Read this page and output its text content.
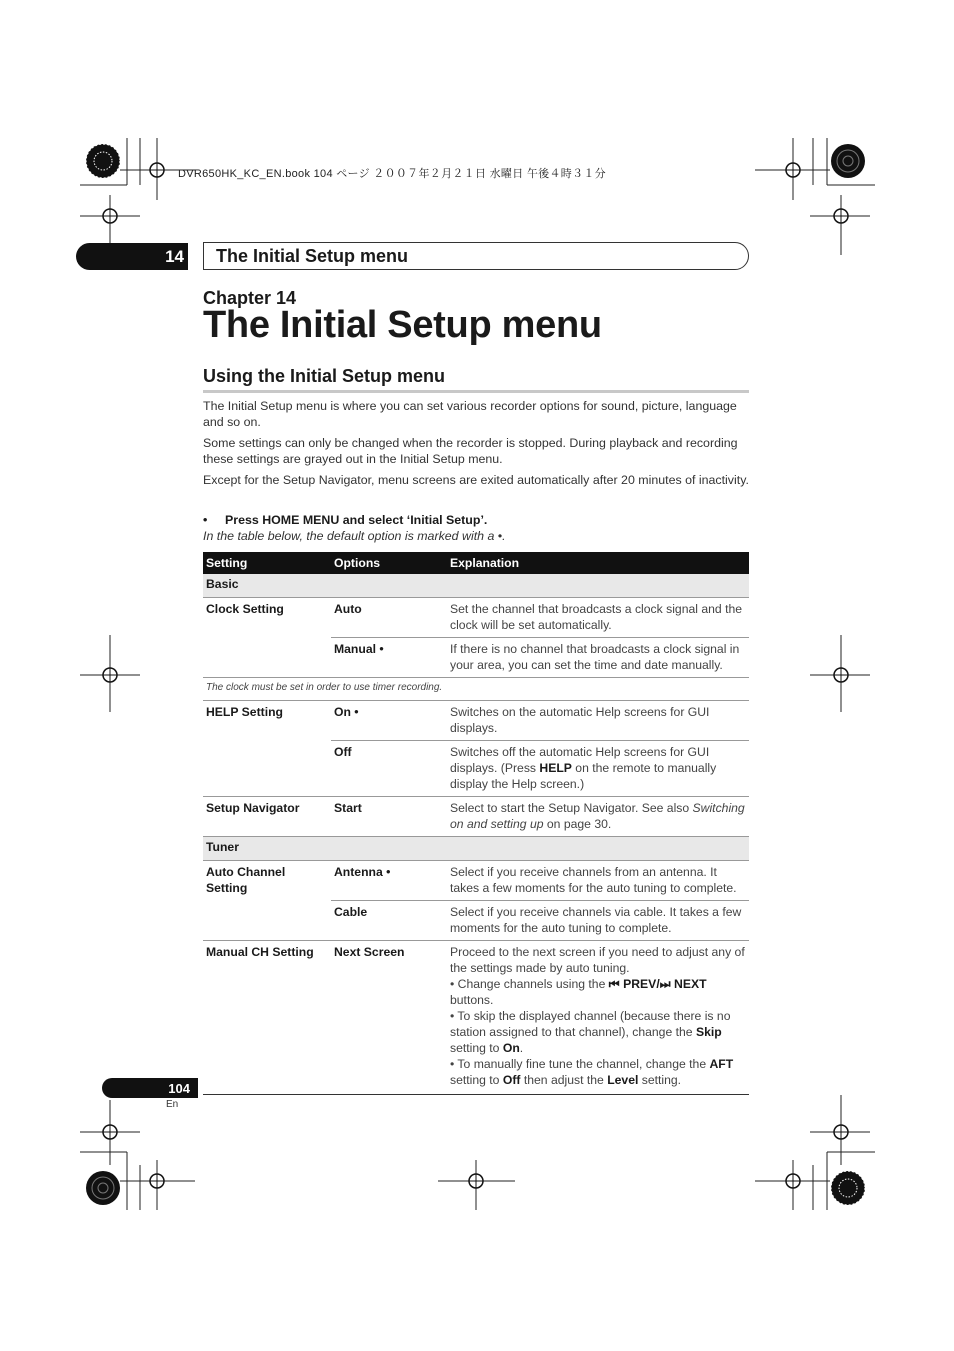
DVR650HK_KC_EN.book 104 ページ ２００７年２月２１日 水曜日 午後４時３１分
14	The Initial Setup menu
Chapter 14
The Initial Setup menu
Using the Initial Setup menu
The Initial Setup menu is where you can set various recorder options for sound, picture, language and so on.
Some settings can only be changed when the recorder is stopped. During playback and recording these settings are grayed out in the Initial Setup menu.
Except for the Setup Navigator, menu screens are exited automatically after 20 minutes of inactivity.
• Press HOME MENU and select ‘Initial Setup’.
In the table below, the default option is marked with a •.
Setting	Options	Explanation
Basic		
Clock Setting	Auto	Set the channel that broadcasts a clock signal and the clock will be set automatically.
	Manual •	If there is no channel that broadcasts a clock signal in your area, you can set the time and date manually.
The clock must be set in order to use timer recording.		
HELP Setting	On •	Switches on the automatic Help screens for GUI displays.
	Off	Switches off the automatic Help screens for GUI displays. (Press HELP on the remote to manually display the Help screen.)
Setup Navigator	Start	Select to start the Setup Navigator. See also Switching on and setting up on page 30.
Tuner		
Auto Channel Setting	Antenna •	Select if you receive channels from an antenna. It takes a few moments for the auto tuning to complete.
	Cable	Select if you receive channels via cable. It takes a few moments for the auto tuning to complete.
Manual CH Setting	Next Screen	Proceed to the next screen if you need to adjust any of the settings made by auto tuning.
• Change channels using the ⏮ PREV/⏭ NEXT buttons.
• To skip the displayed channel (because there is no station assigned to that channel), change the Skip setting to On.
• To manually fine tune the channel, change the AFT setting to Off then adjust the Level setting.
104
En
